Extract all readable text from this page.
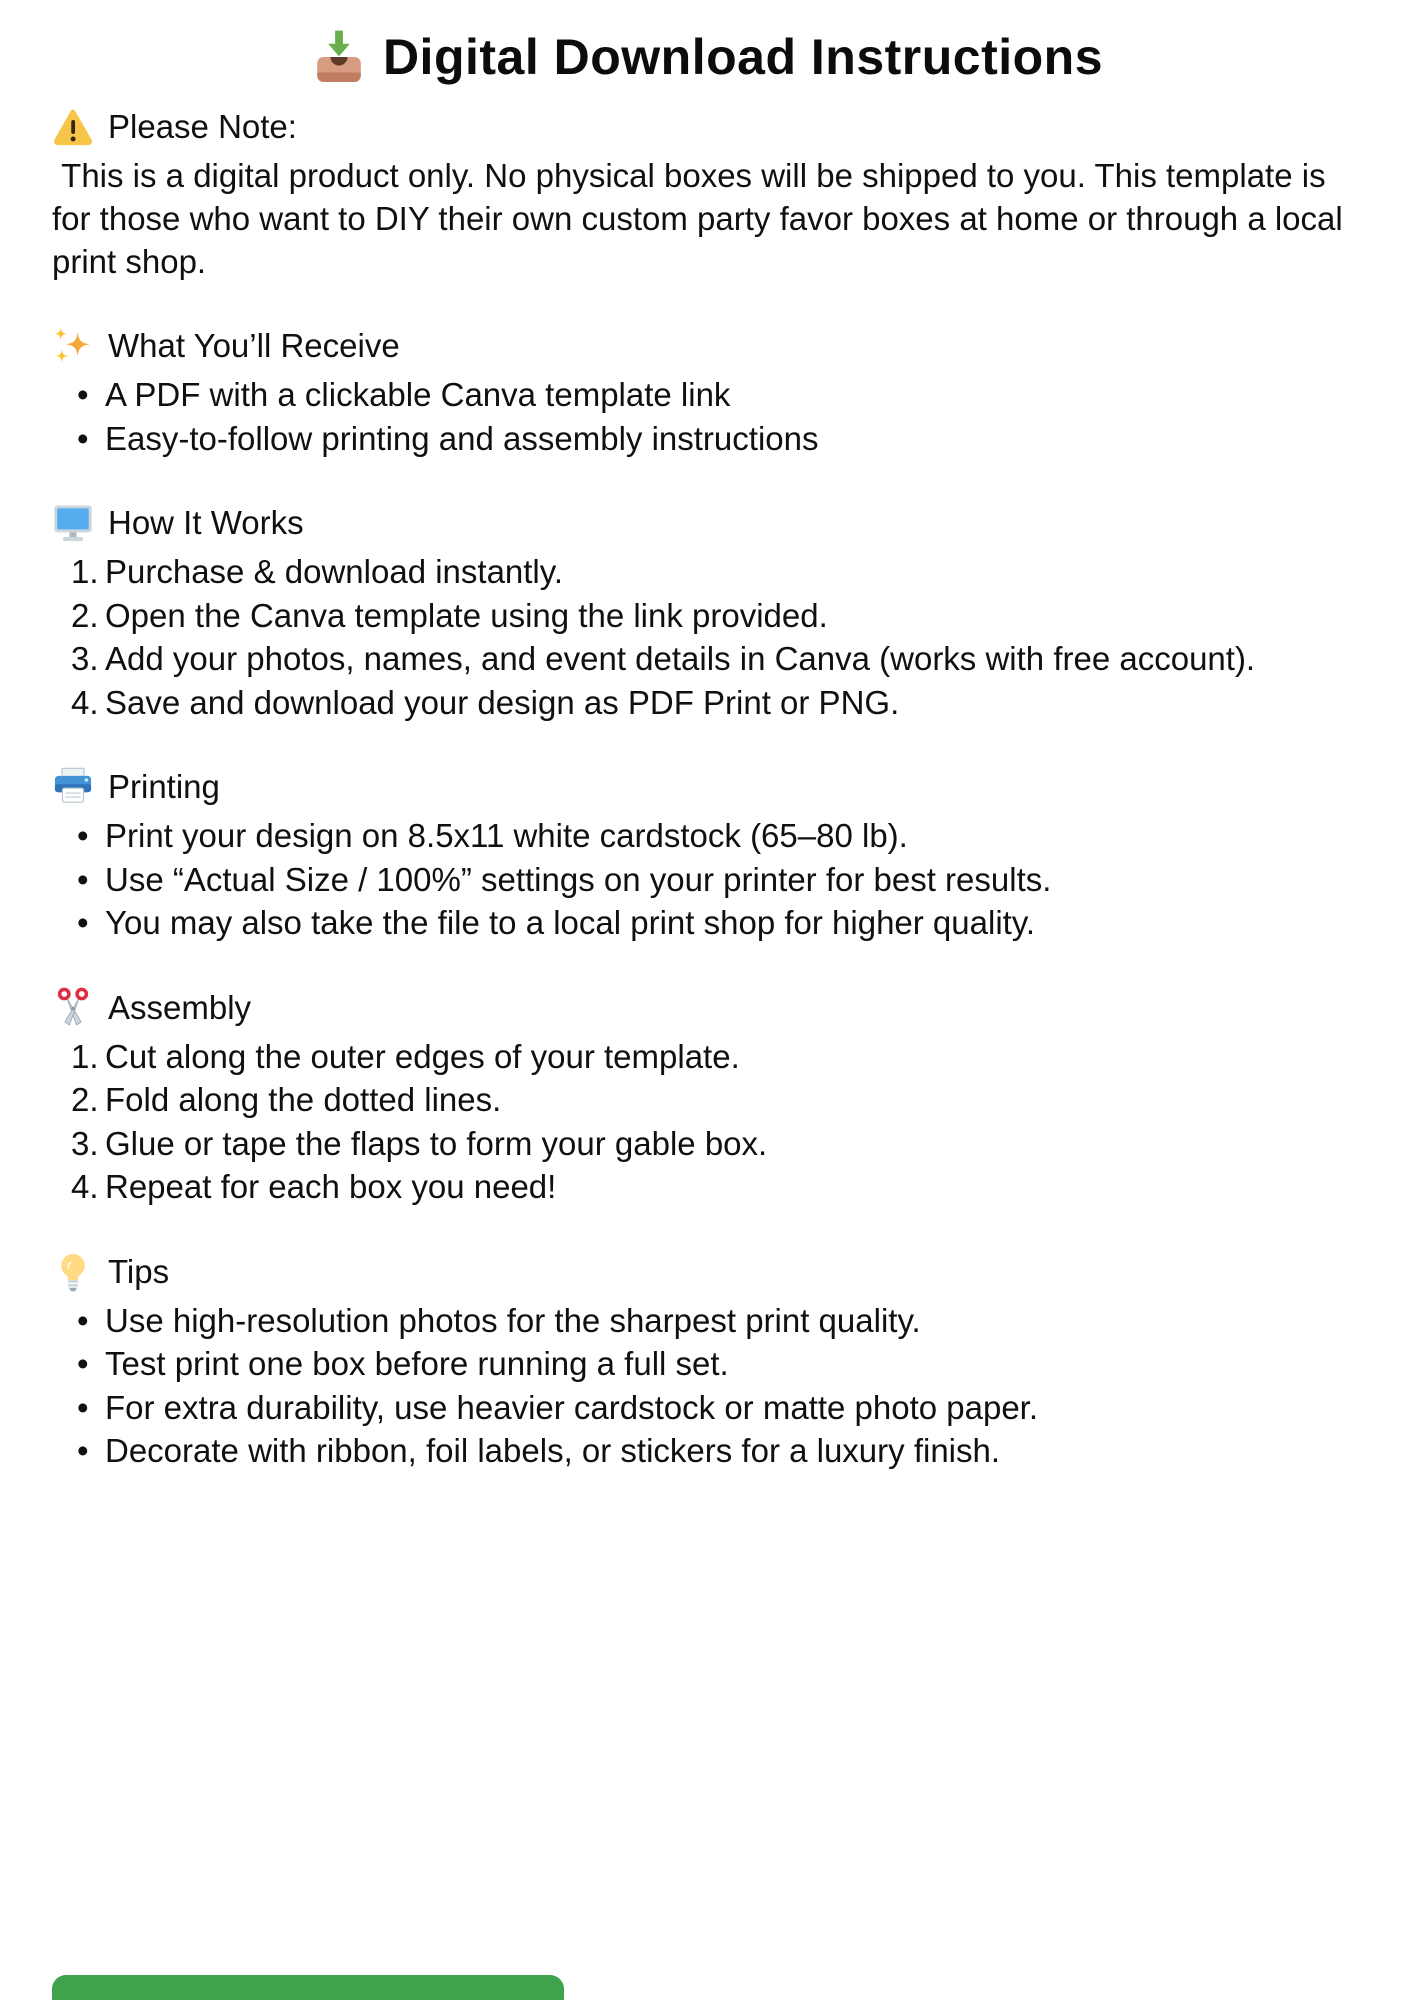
Digital Download Instructions
Please Note:

This is a digital product only. No physical boxes will be shipped to you. This template is for those who want to DIY their own custom party favor boxes at home or through a local print shop.

What You’ll Receive
• A PDF with a clickable Canva template link
• Easy-to-follow printing and assembly instructions
How It Works
Purchase & download instantly.
Open the Canva template using the link provided.
Add your photos, names, and event details in Canva (works with free account).
Save and download your design as PDF Print or PNG.
Printing
• Print your design on 8.5x11 white cardstock (65–80 lb).
• Use “Actual Size / 100%” settings on your printer for best results.
• You may also take the file to a local print shop for higher quality.
Assembly
Cut along the outer edges of your template.
Fold along the dotted lines.
Glue or tape the flaps to form your gable box.
Repeat for each box you need!
Tips
• Use high-resolution photos for the sharpest print quality.
• Test print one box before running a full set.
• For extra durability, use heavier cardstock or matte photo paper.
• Decorate with ribbon, foil labels, or stickers for a luxury finish.
